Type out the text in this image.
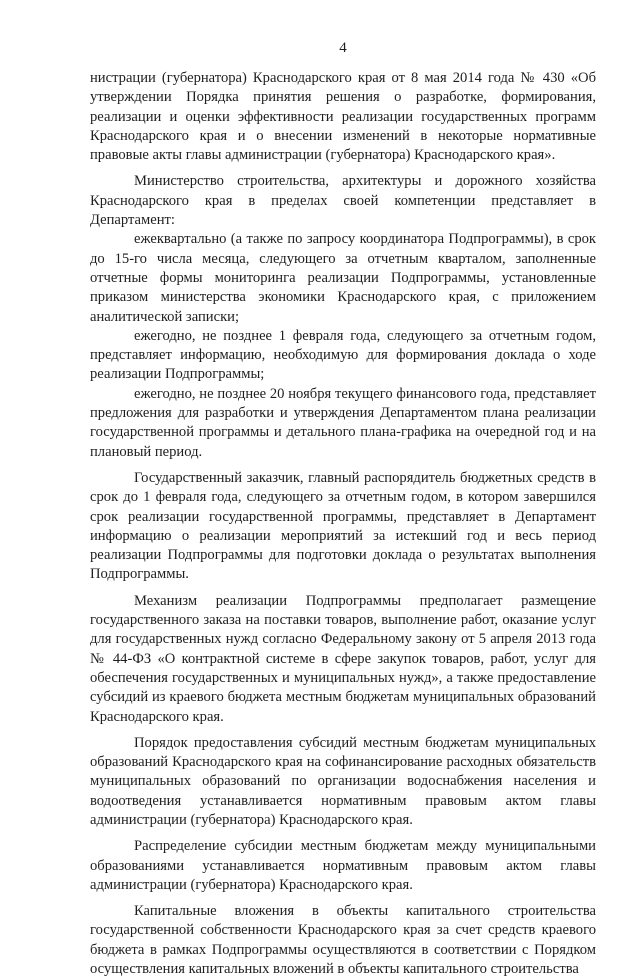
4

нистрации (губернатора) Краснодарского края от 8 мая 2014 года № 430 «Об утверждении Порядка принятия решения о разработке, формирования, реализации и оценки эффективности реализации государственных программ Краснодарского края и о внесении изменений в некоторые нормативные правовые акты главы администрации (губернатора) Краснодарского края».

Министерство строительства, архитектуры и дорожного хозяйства Краснодарского края в пределах своей компетенции представляет в Департамент:

ежеквартально (а также по запросу координатора Подпрограммы), в срок до 15-го числа месяца, следующего за отчетным кварталом, заполненные отчетные формы мониторинга реализации Подпрограммы, установленные приказом министерства экономики Краснодарского края, с приложением аналитической записки;

ежегодно, не позднее 1 февраля года, следующего за отчетным годом, представляет информацию, необходимую для формирования доклада о ходе реализации Подпрограммы;

ежегодно, не позднее 20 ноября текущего финансового года, представляет предложения для разработки и утверждения Департаментом плана реализации государственной программы и детального плана-графика на очередной год и на плановый период.

Государственный заказчик, главный распорядитель бюджетных средств в срок до 1 февраля года, следующего за отчетным годом, в котором завершился срок реализации государственной программы, представляет в Департамент информацию о реализации мероприятий за истекший год и весь период реализации Подпрограммы для подготовки доклада о результатах выполнения Подпрограммы.

Механизм реализации Подпрограммы предполагает размещение государственного заказа на поставки товаров, выполнение работ, оказание услуг для государственных нужд согласно Федеральному закону от 5 апреля 2013 года № 44-ФЗ «О контрактной системе в сфере закупок товаров, работ, услуг для обеспечения государственных и муниципальных нужд», а также предоставление субсидий из краевого бюджета местным бюджетам муниципальных образований Краснодарского края.

Порядок предоставления субсидий местным бюджетам муниципальных образований Краснодарского края на софинансирование расходных обязательств муниципальных образований по организации водоснабжения населения и водоотведения устанавливается нормативным правовым актом главы администрации (губернатора) Краснодарского края.

Распределение субсидии местным бюджетам между муниципальными образованиями устанавливается нормативным правовым актом главы администрации (губернатора) Краснодарского края.

Капитальные вложения в объекты капитального строительства государственной собственности Краснодарского края за счет средств краевого бюджета в рамках Подпрограммы осуществляются в соответствии с Порядком осуществления капитальных вложений в объекты капитального строительства
